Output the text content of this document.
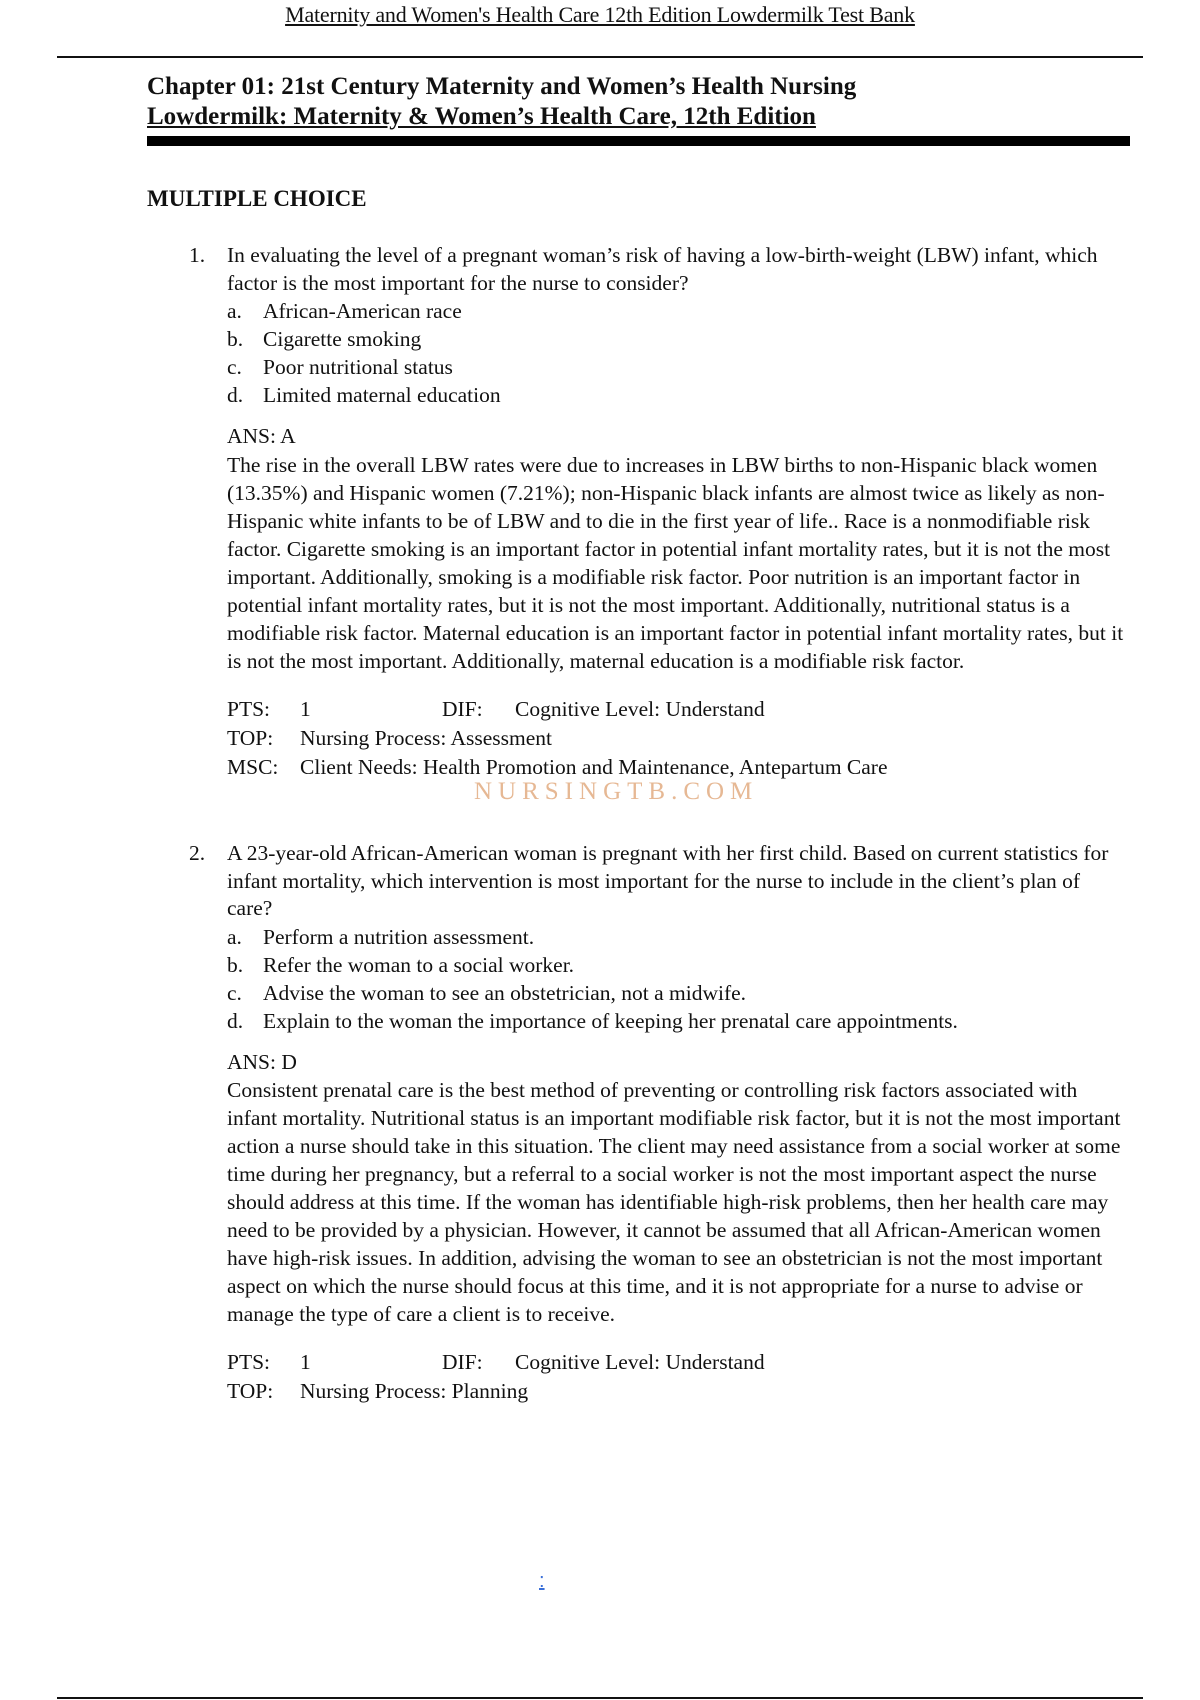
Maternity and Women's Health Care 12th Edition Lowdermilk Test Bank

Chapter 01: 21st Century Maternity and Women’s Health Nursing

Lowdermilk: Maternity & Women’s Health Care, 12th Edition

MULTIPLE CHOICE

1. In evaluating the level of a pregnant woman’s risk of having a low-birth-weight (LBW) infant, which factor is the most important for the nurse to consider?

a. African-American race
b. Cigarette smoking
c. Poor nutritional status
d. Limited maternal education
ANS: A
The rise in the overall LBW rates were due to increases in LBW births to non-Hispanic black women (13.35%) and Hispanic women (7.21%); non-Hispanic black infants are almost twice as likely as non-Hispanic white infants to be of LBW and to die in the first year of life.. Race is a nonmodifiable risk factor. Cigarette smoking is an important factor in potential infant mortality rates, but it is not the most important. Additionally, smoking is a modifiable risk factor. Poor nutrition is an important factor in potential infant mortality rates, but it is not the most important. Additionally, nutritional status is a modifiable risk factor. Maternal education is an important factor in potential infant mortality rates, but it is not the most important. Additionally, maternal education is a modifiable risk factor.
PTS: 1	DIF: Cognitive Level: Understand
TOP: Nursing Process: Assessment
MSC: Client Needs: Health Promotion and Maintenance, Antepartum Care
NURSINGTB.COM

2. A 23-year-old African-American woman is pregnant with her first child. Based on current statistics for infant mortality, which intervention is most important for the nurse to include in the client’s plan of care?

a. Perform a nutrition assessment.
b. Refer the woman to a social worker.
c. Advise the woman to see an obstetrician, not a midwife.
d. Explain to the woman the importance of keeping her prenatal care appointments.
ANS: D
Consistent prenatal care is the best method of preventing or controlling risk factors associated with infant mortality. Nutritional status is an important modifiable risk factor, but it is not the most important action a nurse should take in this situation. The client may need assistance from a social worker at some time during her pregnancy, but a referral to a social worker is not the most important aspect the nurse should address at this time. If the woman has identifiable high-risk problems, then her health care may need to be provided by a physician. However, it cannot be assumed that all African-American women have high-risk issues. In addition, advising the woman to see an obstetrician is not the most important aspect on which the nurse should focus at this time, and it is not appropriate for a nurse to advise or manage the type of care a client is to receive.
PTS: 1	DIF: Cognitive Level: Understand
TOP: Nursing Process: Planning
:
